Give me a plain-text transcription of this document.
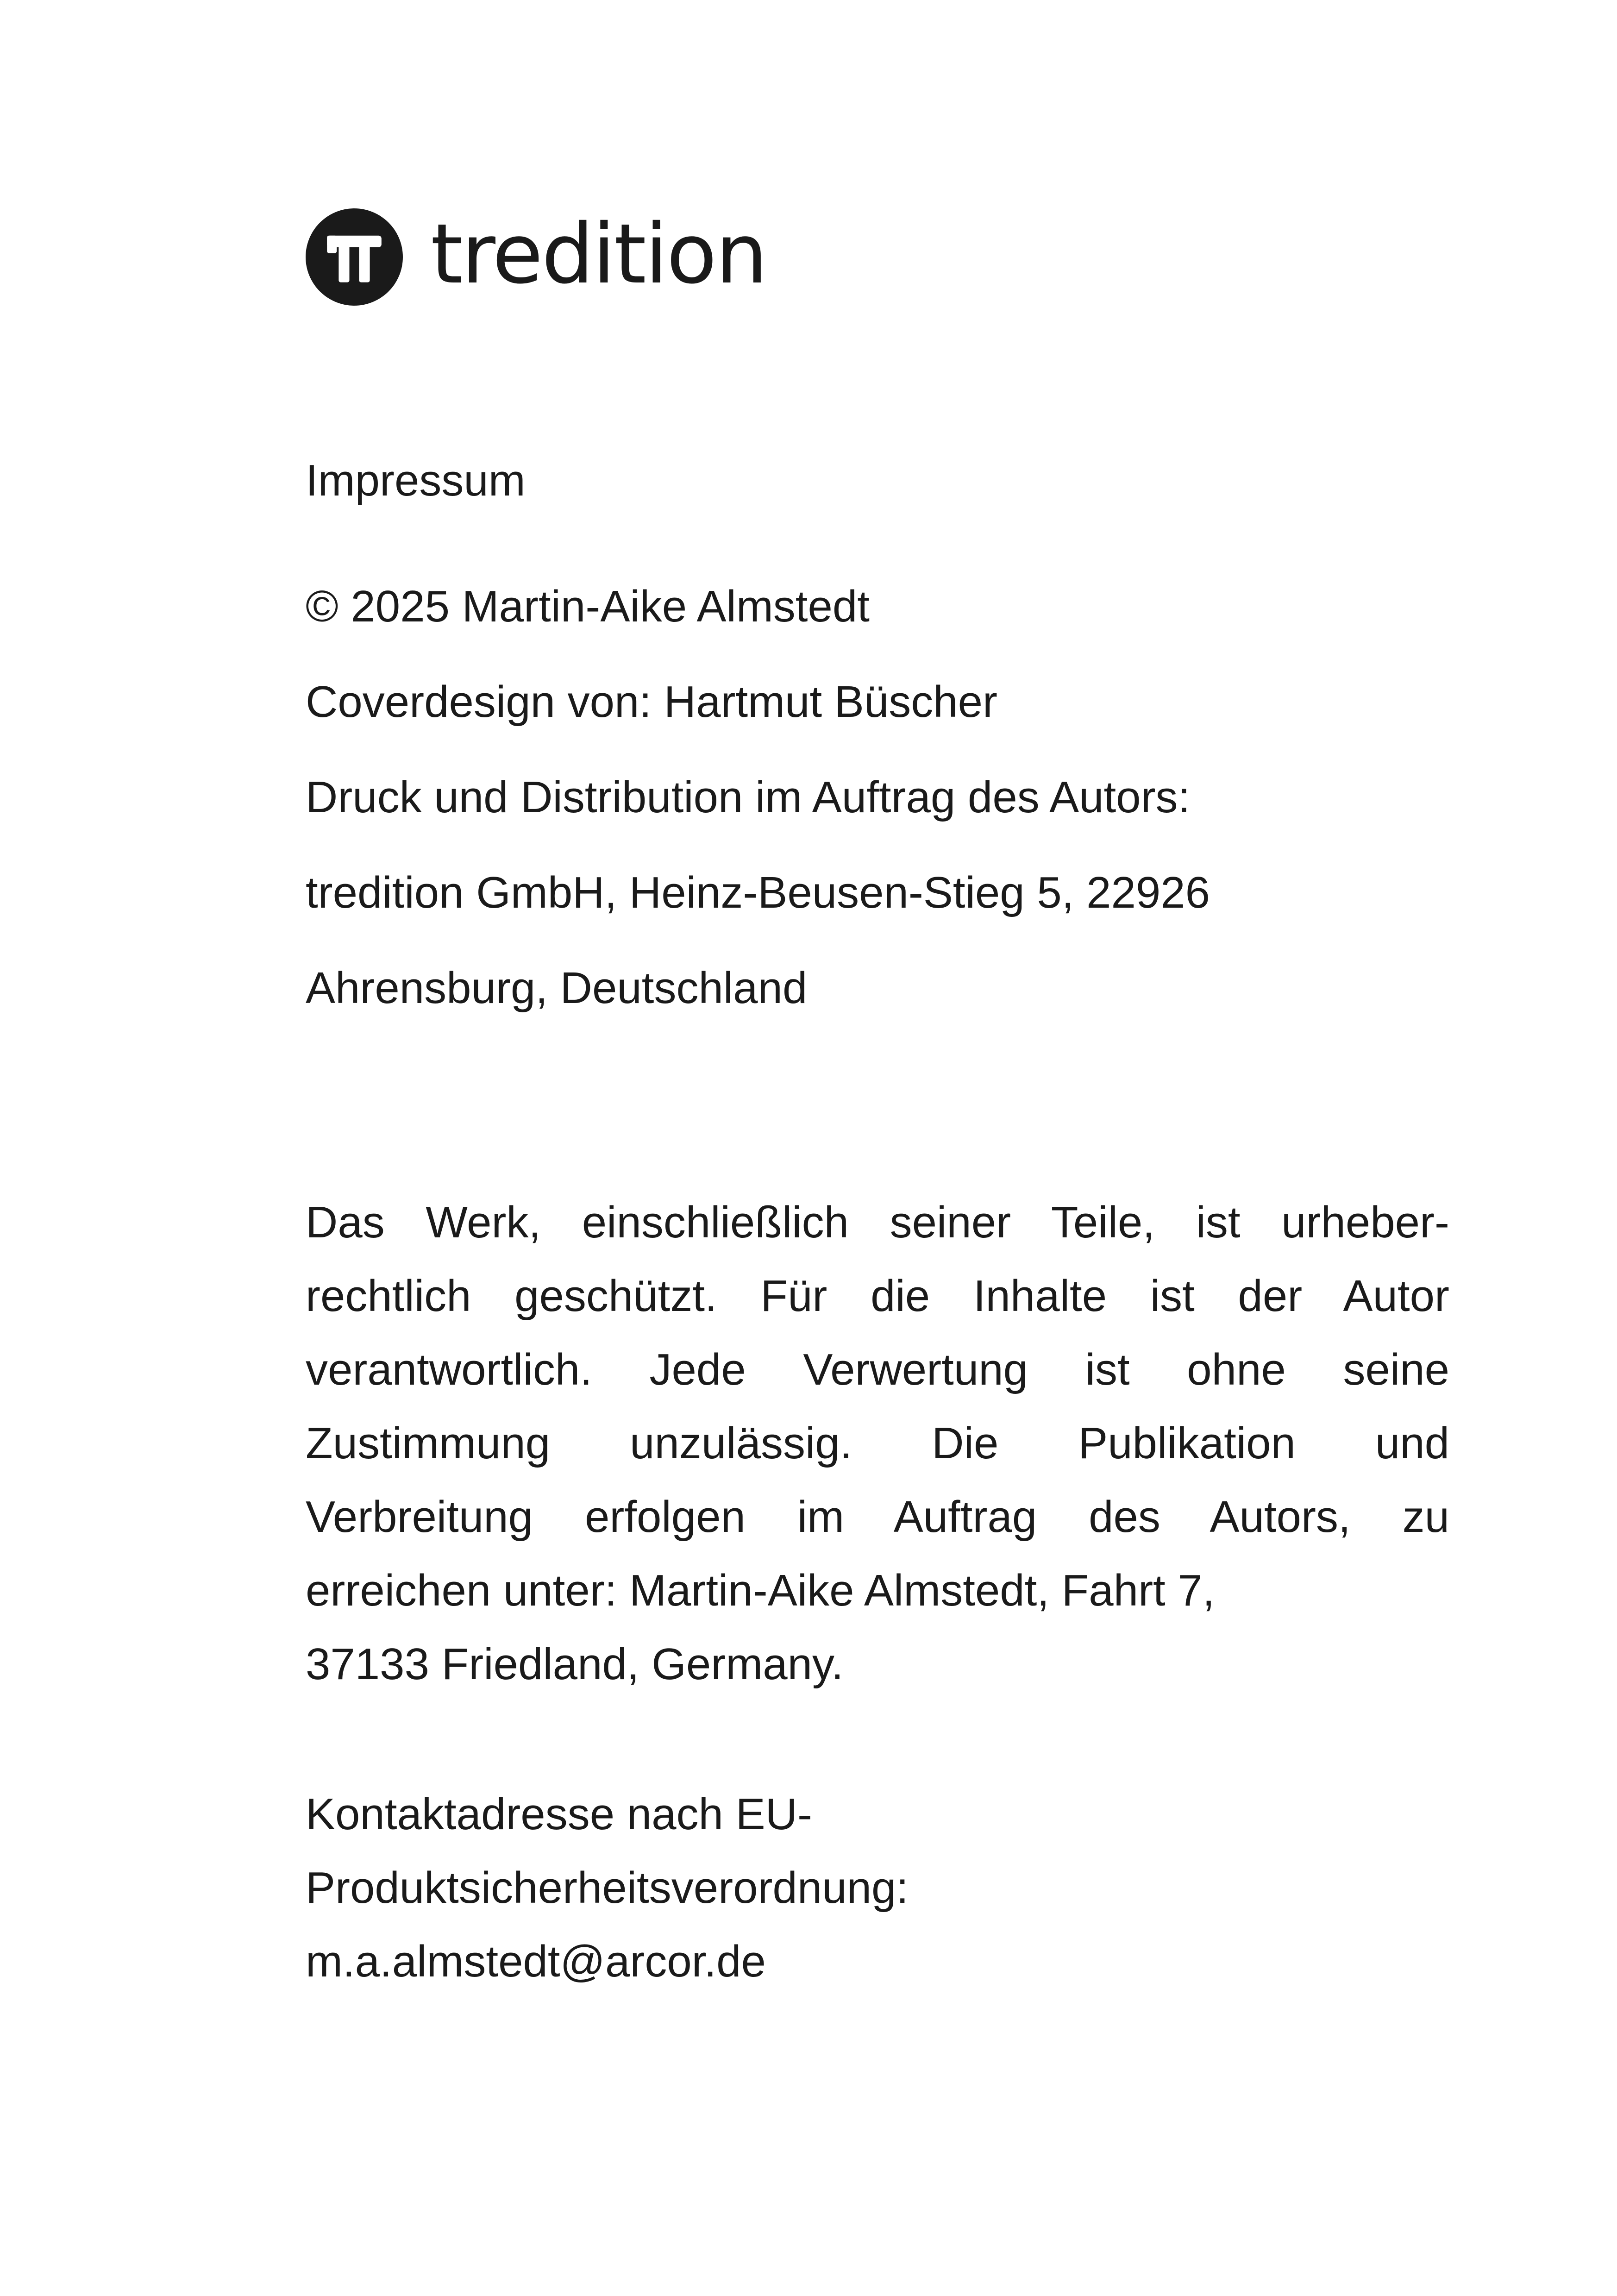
tredition
Impressum
© 2025 Martin-Aike Almstedt
Coverdesign von: Hartmut Büscher
Druck und Distribution im Auftrag des Autors:
tredition GmbH, Heinz-Beusen-Stieg 5, 22926
Ahrensburg, Deutschland
Das Werk, einschließlich seiner Teile, ist urheber-
rechtlich geschützt. Für die Inhalte ist der Autor
verantwortlich. Jede Verwertung ist ohne seine
Zustimmung unzulässig. Die Publikation und
Verbreitung erfolgen im Auftrag des Autors, zu
erreichen unter: Martin-Aike Almstedt, Fahrt 7,
37133 Friedland, Germany.
Kontaktadresse nach EU-
Produktsicherheitsverordnung:
m.a.almstedt@arcor.de
